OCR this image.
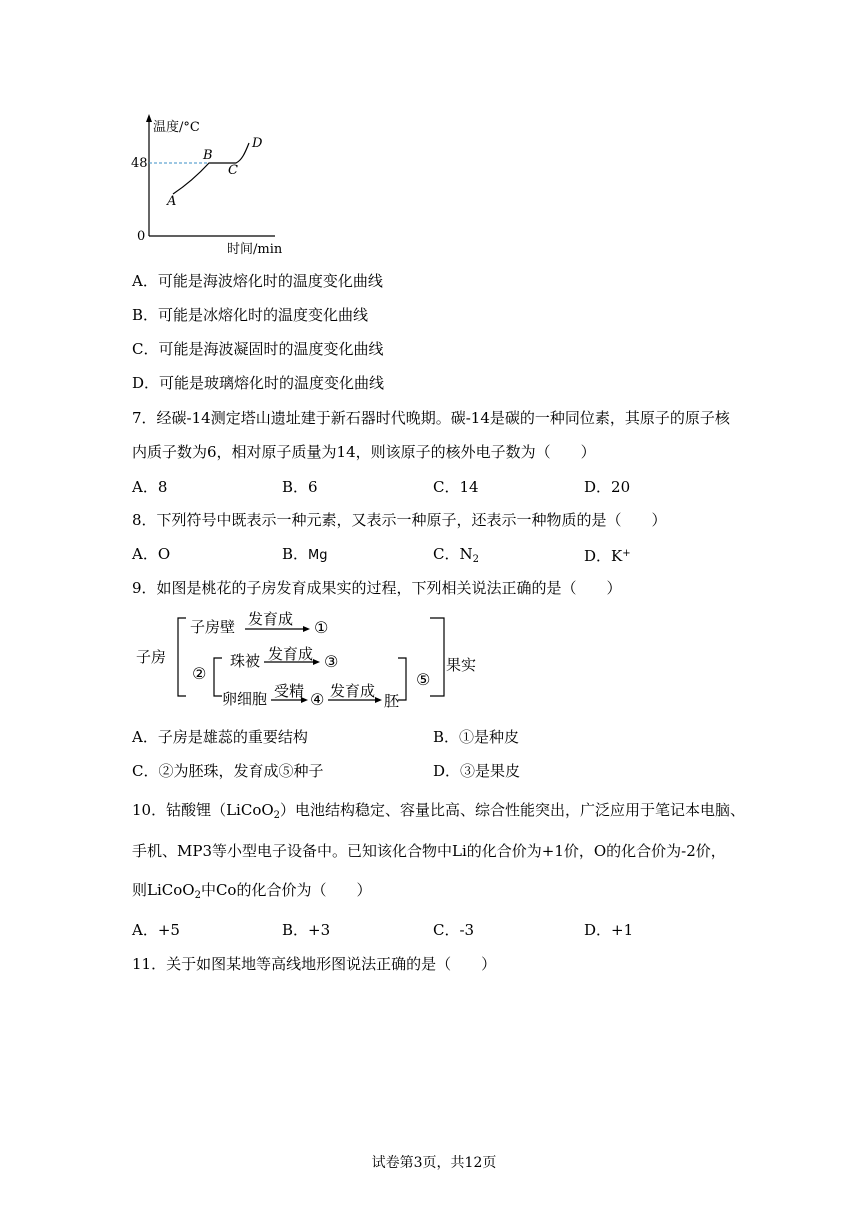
温度/°C
48
0
时间/min
A
B
C
D
A．可能是海波熔化时的温度变化曲线
B．可能是冰熔化时的温度变化曲线
C．可能是海波凝固时的温度变化曲线
D．可能是玻璃熔化时的温度变化曲线
7．经碳-14测定塔山遗址建于新石器时代晚期。碳-14是碳的一种同位素，其原子的原子核
内质子数为6，相对原子质量为14，则该原子的核外电子数为（　　）
A．8	B．6	C．14	D．20
8．下列符号中既表示一种元素，又表示一种原子，还表示一种物质的是（　　）
A．O	B．Mg	C．$N_2$	D．K+
9．如图是桃花的子房发育成果实的过程，下列相关说法正确的是（　　）
子房
子房壁 发育成 ①
②
珠被 发育成 ③
卵细胞 受精 ④ 发育成
胚
⑤
果实
A．子房是雄蕊的重要结构	B．①是种皮
C．②为胚珠，发育成⑤种子	D．③是果皮
10．钴酸锂（LiCoO$_2$）电池结构稳定、容量比高、综合性能突出，广泛应用于笔记本电脑、
手机、MP3等小型电子设备中。已知该化合物中Li的化合价为+1价，O的化合价为-2价，
则LiCoO$_2$中Co的化合价为（　　）
A．+5	B．+3	C．-3	D．+1
11．关于如图某地等高线地形图说法正确的是（　　）
试卷第3页，共12页
